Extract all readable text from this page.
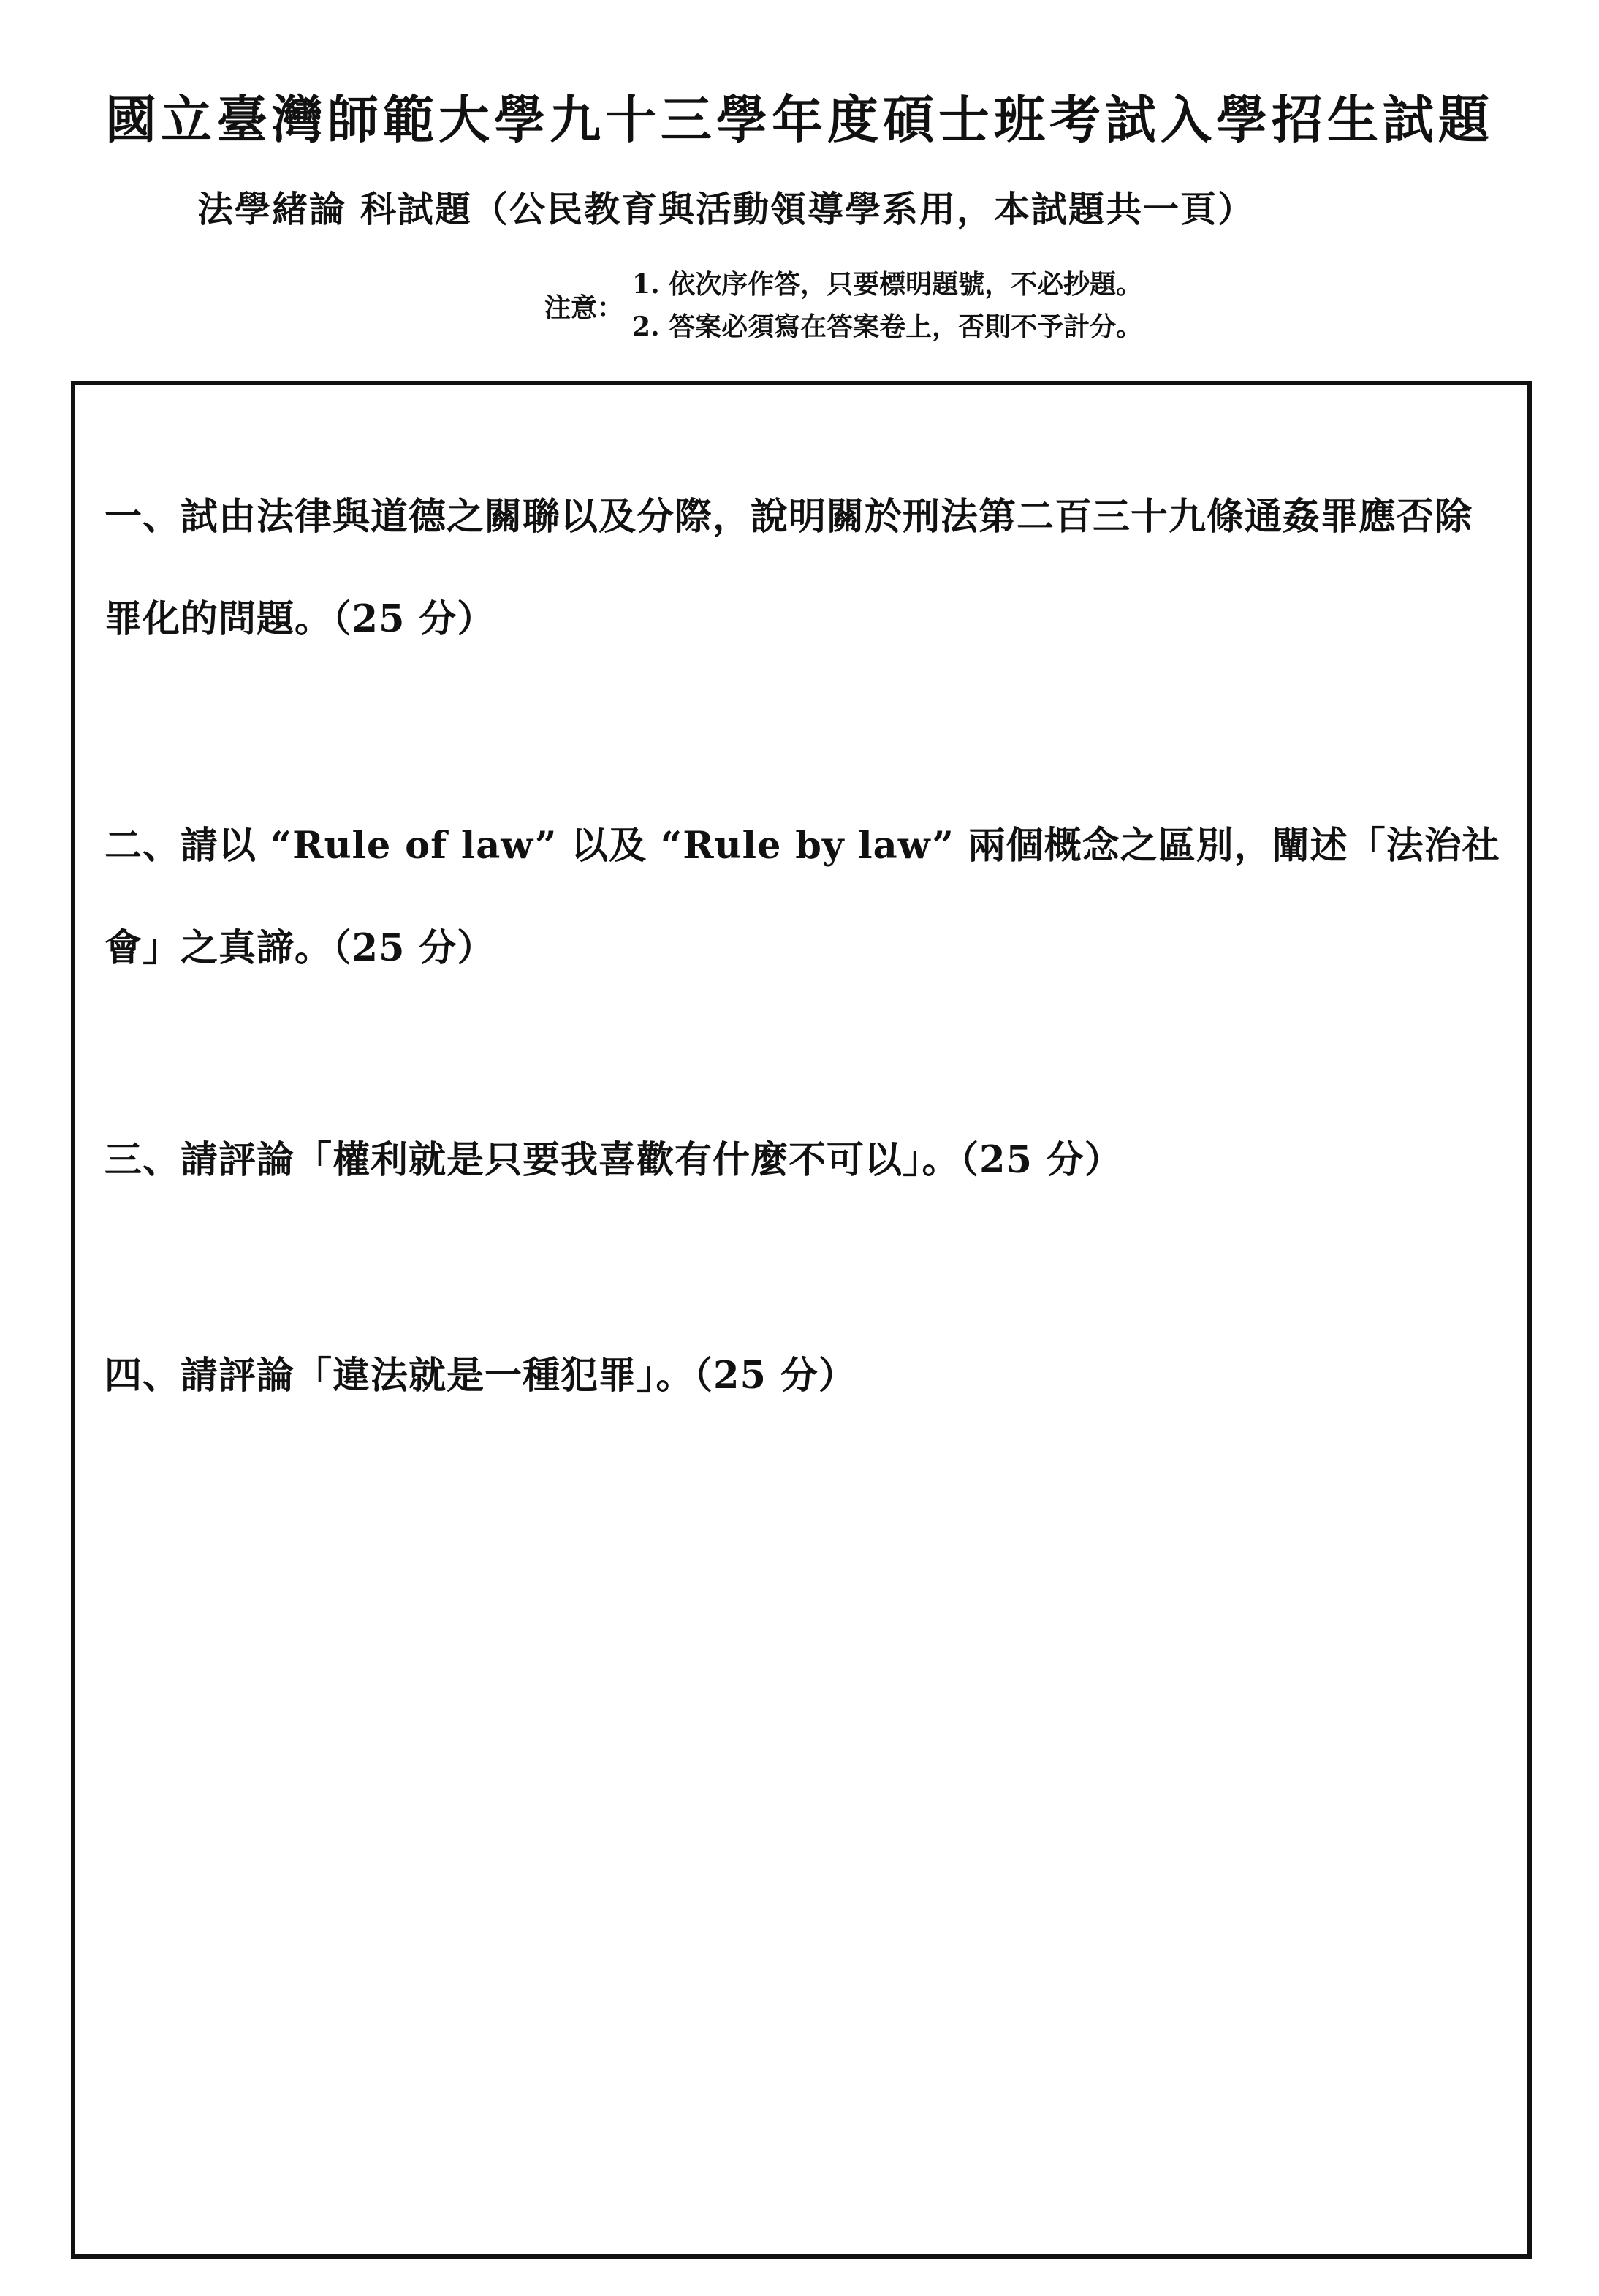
國立臺灣師範大學九十三學年度碩士班考試入學招生試題
法學緒論 科試題（公民教育與活動領導學系用，本試題共一頁）
注意：
1. 依次序作答，只要標明題號，不必抄題。
2. 答案必須寫在答案卷上，否則不予計分。
一、試由法律與道德之關聯以及分際，說明關於刑法第二百三十九條通姦罪應否除罪化的問題。（25 分）
二、請以 “Rule of law” 以及 “Rule by law” 兩個概念之區別，闡述「法治社會」之真諦。（25 分）
三、請評論「權利就是只要我喜歡有什麼不可以」。（25 分）
四、請評論「違法就是一種犯罪」。（25 分）
